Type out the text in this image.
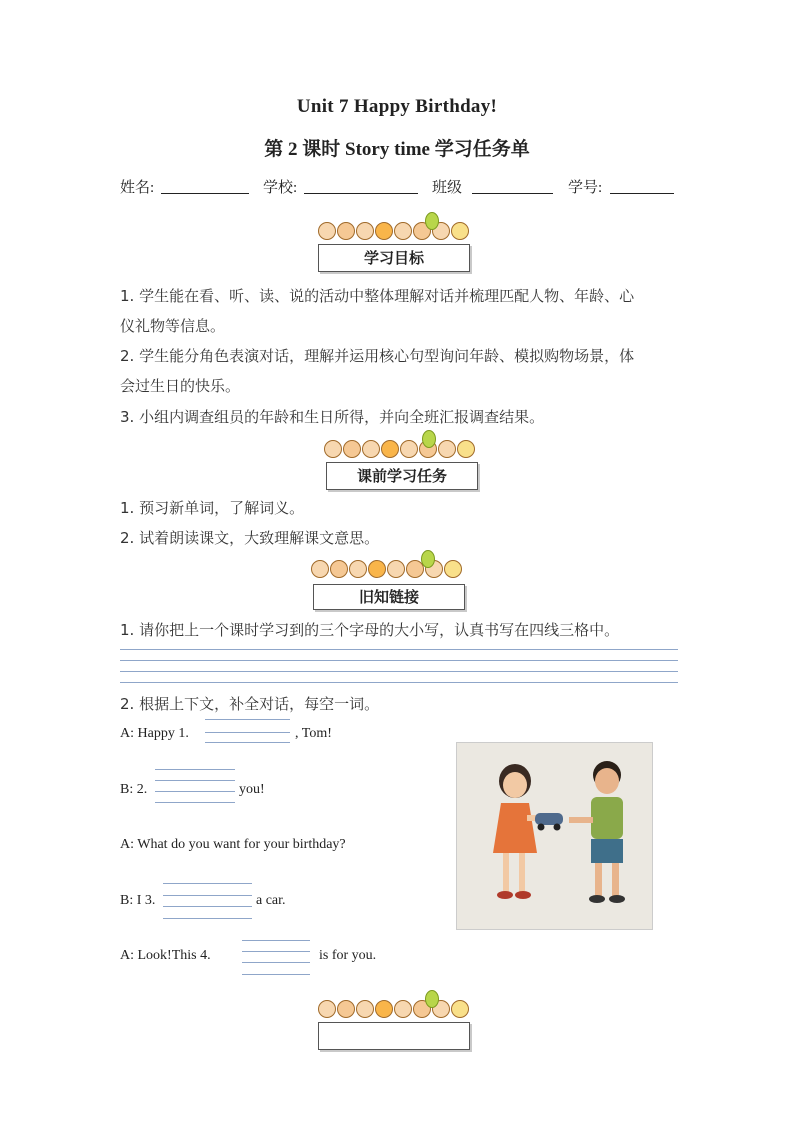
Unit 7 Happy Birthday!
第 2 课时 Story time 学习任务单
姓名:	学校:	班级	学号:
学习目标
1. 学生能在看、听、读、说的活动中整体理解对话并梳理匹配人物、年龄、心
仪礼物等信息。
2. 学生能分角色表演对话，理解并运用核心句型询问年龄、模拟购物场景，体
会过生日的快乐。
3. 小组内调查组员的年龄和生日所得，并向全班汇报调查结果。
课前学习任务
1. 预习新单词，了解词义。
2. 试着朗读课文，大致理解课文意思。
旧知链接
1. 请你把上一个课时学习到的三个字母的大小写，认真书写在四线三格中。
2. 根据上下文，补全对话，每空一词。
A: Happy 1.	, Tom!
B: 2.	you!
A: What do you want for your birthday?
B: I 3.	a car.
A: Look!This 4.	is for you.
